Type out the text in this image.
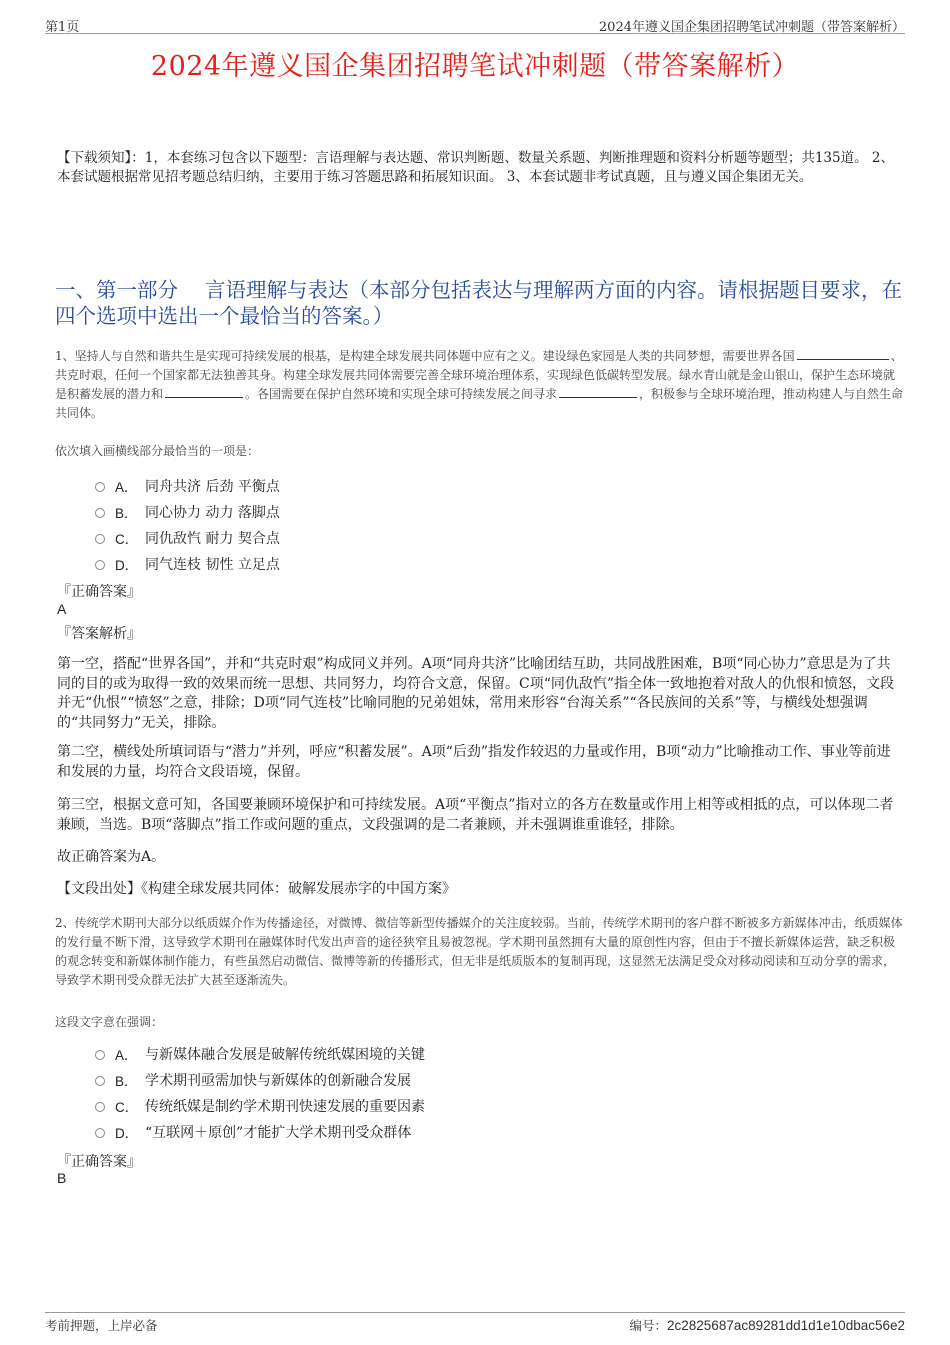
第1页	2024年遵义国企集团招聘笔试冲刺题（带答案解析）
2024年遵义国企集团招聘笔试冲刺题（带答案解析）
【下载须知】：1，本套练习包含以下题型：言语理解与表达题、常识判断题、数量关系题、判断推理题和资料分析题等题型；共135道。 2、本套试题根据常见招考题总结归纳，主要用于练习答题思路和拓展知识面。 3、本套试题非考试真题，且与遵义国企集团无关。
一、第一部分　 言语理解与表达（本部分包括表达与理解两方面的内容。请根据题目要求，在四个选项中选出一个最恰当的答案。）
1、坚持人与自然和谐共生是实现可持续发展的根基，是构建全球发展共同体题中应有之义。建设绿色家园是人类的共同梦想，需要世界各国	、共克时艰，任何一个国家都无法独善其身。构建全球发展共同体需要完善全球环境治理体系，实现绿色低碳转型发展。绿水青山就是金山银山，保护生态环境就是积蓄发展的潜力和	。各国需要在保护自然环境和实现全球可持续发展之间寻求	，积极参与全球环境治理，推动构建人与自然生命共同体。
依次填入画横线部分最恰当的一项是：
A． 同舟共济 后劲 平衡点
B． 同心协力 动力 落脚点
C． 同仇敌忾 耐力 契合点
D． 同气连枝 韧性 立足点
『正确答案』
A
『答案解析』
第一空，搭配“世界各国”，并和“共克时艰”构成同义并列。A项“同舟共济”比喻团结互助，共同战胜困难，B项“同心协力”意思是为了共同的目的或为取得一致的效果而统一思想、共同努力，均符合文意，保留。C项“同仇敌忾”指全体一致地抱着对敌人的仇恨和愤怒，文段并无“仇恨”“愤怒”之意，排除；D项“同气连枝”比喻同胞的兄弟姐妹，常用来形容“台海关系”“各民族间的关系”等，与横线处想强调的“共同努力”无关，排除。
第二空，横线处所填词语与“潜力”并列，呼应“积蓄发展”。A项“后劲”指发作较迟的力量或作用，B项“动力”比喻推动工作、事业等前进和发展的力量，均符合文段语境，保留。
第三空，根据文意可知，各国要兼顾环境保护和可持续发展。A项“平衡点”指对立的各方在数量或作用上相等或相抵的点，可以体现二者兼顾，当选。B项“落脚点”指工作或问题的重点，文段强调的是二者兼顾，并未强调谁重谁轻，排除。
故正确答案为A。
【文段出处】《构建全球发展共同体：破解发展赤字的中国方案》
2、传统学术期刊大部分以纸质媒介作为传播途径，对微博、微信等新型传播媒介的关注度较弱。当前，传统学术期刊的客户群不断被多方新媒体冲击，纸质媒体的发行量不断下滑，这导致学术期刊在融媒体时代发出声音的途径狭窄且易被忽视。学术期刊虽然拥有大量的原创性内容，但由于不擅长新媒体运营，缺乏积极的观念转变和新媒体制作能力，有些虽然启动微信、微博等新的传播形式，但无非是纸质版本的复制再现，这显然无法满足受众对移动阅读和互动分享的需求，导致学术期刊受众群无法扩大甚至逐渐流失。
这段文字意在强调：
A． 与新媒体融合发展是破解传统纸媒困境的关键
B． 学术期刊亟需加快与新媒体的创新融合发展
C． 传统纸媒是制约学术期刊快速发展的重要因素
D． “互联网＋原创”才能扩大学术期刊受众群体
『正确答案』
B
考前押题，上岸必备	编号：2c2825687ac89281dd1d1e10dbac56e2
